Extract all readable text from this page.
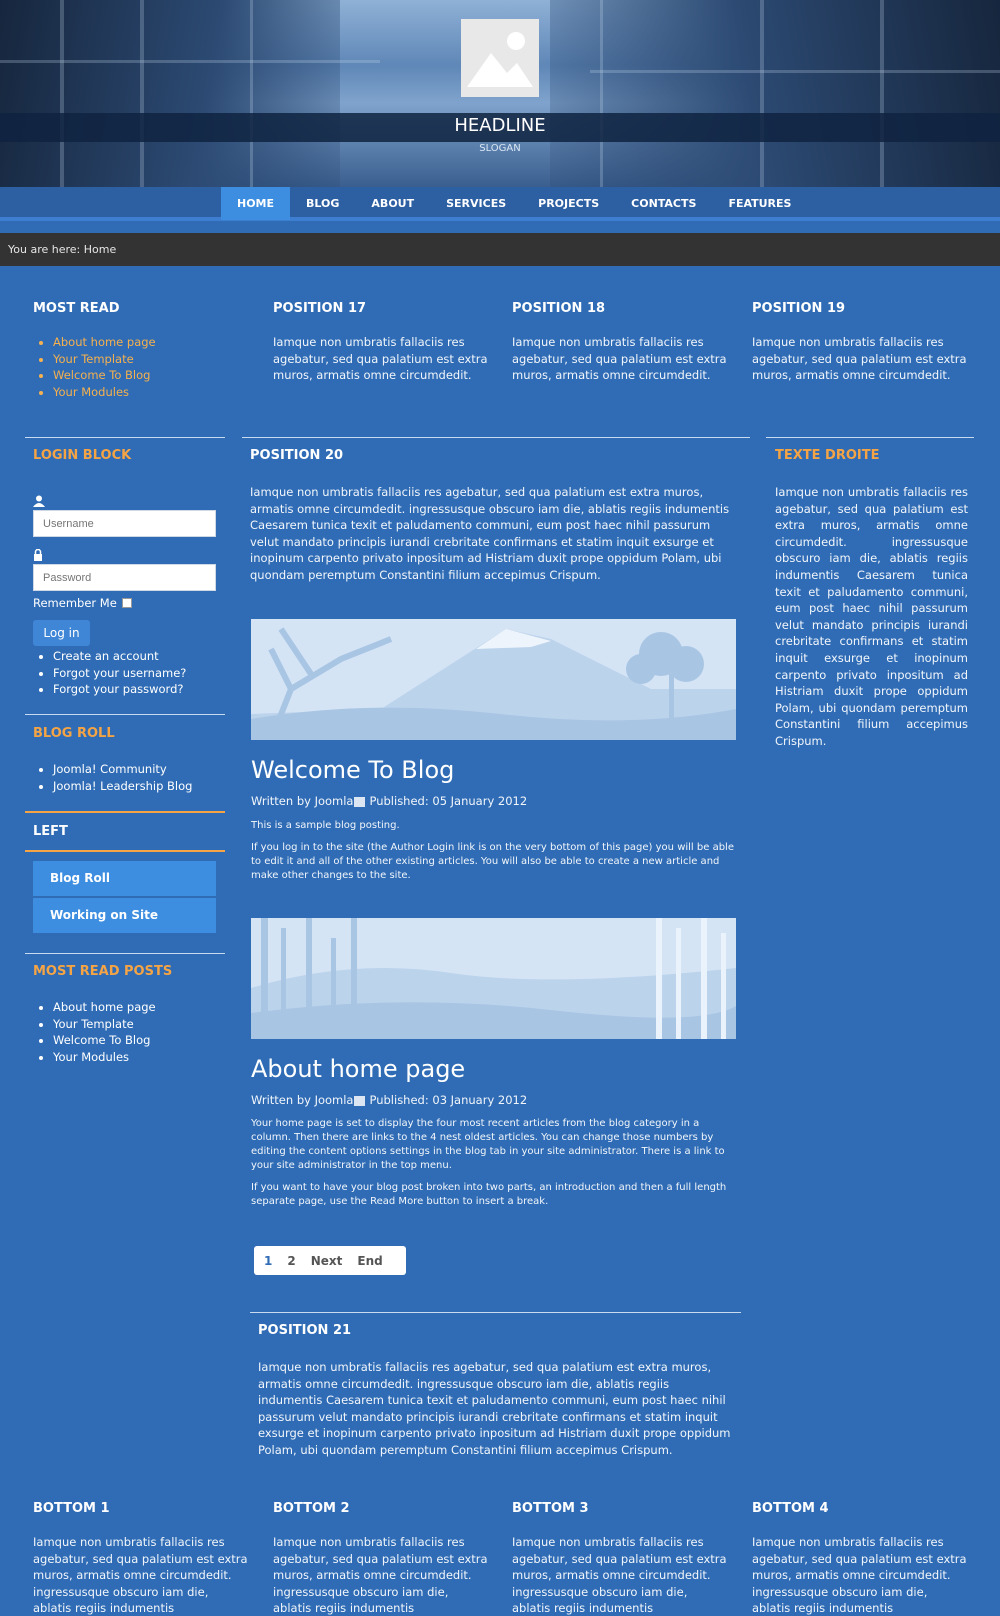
HEADLINE
SLOGAN
HOME	BLOG	ABOUT	SERVICES	PROJECTS	CONTACTS	FEATURES
You are here: Home
MOST READ
• About home page
• Your Template
• Welcome To Blog
• Your Modules
POSITION 17

Iamque non umbratis fallaciis res agebatur, sed qua palatium est extra muros, armatis omne circumdedit.

POSITION 18

Iamque non umbratis fallaciis res agebatur, sed qua palatium est extra muros, armatis omne circumdedit.

POSITION 19

Iamque non umbratis fallaciis res agebatur, sed qua palatium est extra muros, armatis omne circumdedit.

LOGIN BLOCK
Username
Password
Remember Me
Log in
• Create an account
• Forgot your username?
• Forgot your password?
BLOG ROLL
• Joomla! Community
• Joomla! Leadership Blog
LEFT
Blog Roll
Working on Site
MOST READ POSTS
• About home page
• Your Template
• Welcome To Blog
• Your Modules
POSITION 20

Iamque non umbratis fallaciis res agebatur, sed qua palatium est extra muros, armatis omne circumdedit. ingressusque obscuro iam die, ablatis regiis indumentis Caesarem tunica texit et paludamento communi, eum post haec nihil passurum velut mandato principis iurandi crebritate confirmans et statim inquit exsurge et inopinum carpento privato inpositum ad Histriam duxit prope oppidum Polam, ubi quondam peremptum Constantini filium accepimus Crispum.

Welcome To Blog
Written by Joomla Published: 05 January 2012

This is a sample blog posting.

If you log in to the site (the Author Login link is on the very bottom of this page) you will be able to edit it and all of the other existing articles. You will also be able to create a new article and make other changes to the site.

About home page
Written by Joomla Published: 03 January 2012

Your home page is set to display the four most recent articles from the blog category in a column. Then there are links to the 4 nest oldest articles. You can change those numbers by editing the content options settings in the blog tab in your site administrator. There is a link to your site administrator in the top menu.

If you want to have your blog post broken into two parts, an introduction and then a full length separate page, use the Read More button to insert a break.

1 2 Next End
POSITION 21

Iamque non umbratis fallaciis res agebatur, sed qua palatium est extra muros, armatis omne circumdedit. ingressusque obscuro iam die, ablatis regiis indumentis Caesarem tunica texit et paludamento communi, eum post haec nihil passurum velut mandato principis iurandi crebritate confirmans et statim inquit exsurge et inopinum carpento privato inpositum ad Histriam duxit prope oppidum Polam, ubi quondam peremptum Constantini filium accepimus Crispum.

TEXTE DROITE

Iamque non umbratis fallaciis res agebatur, sed qua palatium est extra muros, armatis omne circumdedit. ingressusque obscuro iam die, ablatis regiis indumentis Caesarem tunica texit et paludamento communi, eum post haec nihil passurum velut mandato principis iurandi crebritate confirmans et statim inquit exsurge et inopinum carpento privato inpositum ad Histriam duxit prope oppidum Polam, ubi quondam peremptum Constantini filium accepimus Crispum.

BOTTOM 1

Iamque non umbratis fallaciis res agebatur, sed qua palatium est extra muros, armatis omne circumdedit. ingressusque obscuro iam die, ablatis regiis indumentis

BOTTOM 2

Iamque non umbratis fallaciis res agebatur, sed qua palatium est extra muros, armatis omne circumdedit. ingressusque obscuro iam die, ablatis regiis indumentis

BOTTOM 3

Iamque non umbratis fallaciis res agebatur, sed qua palatium est extra muros, armatis omne circumdedit. ingressusque obscuro iam die, ablatis regiis indumentis

BOTTOM 4

Iamque non umbratis fallaciis res agebatur, sed qua palatium est extra muros, armatis omne circumdedit. ingressusque obscuro iam die, ablatis regiis indumentis
